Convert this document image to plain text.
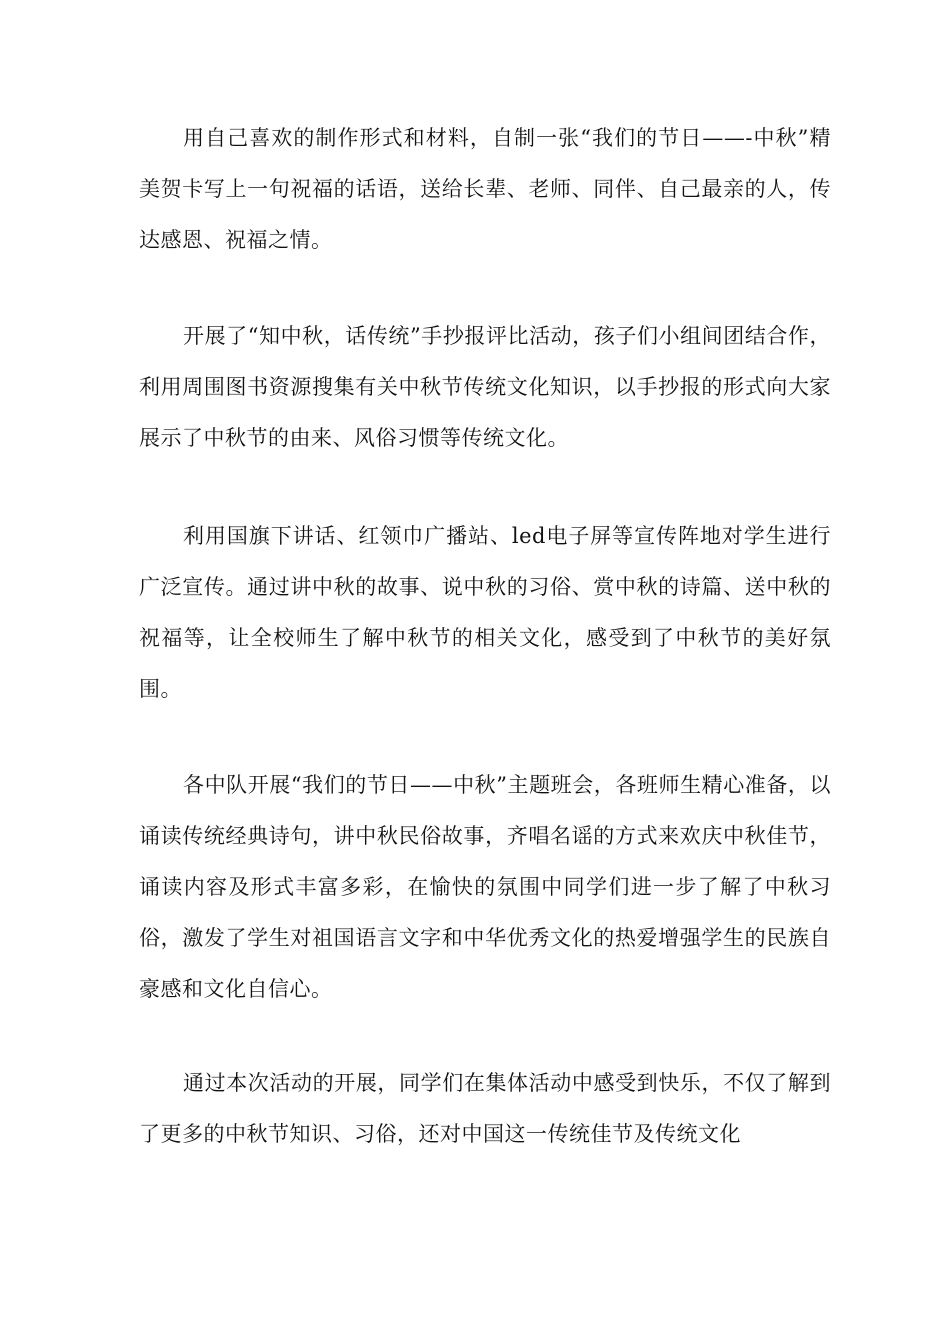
用自己喜欢的制作形式和材料，自制一张“我们的节日——-中秋”精美贺卡写上一句祝福的话语，送给长辈、老师、同伴、自己最亲的人，传达感恩、祝福之情。

开展了“知中秋，话传统”手抄报评比活动，孩子们小组间团结合作，利用周围图书资源搜集有关中秋节传统文化知识，以手抄报的形式向大家展示了中秋节的由来、风俗习惯等传统文化。

利用国旗下讲话、红领巾广播站、led电子屏等宣传阵地对学生进行广泛宣传。通过讲中秋的故事、说中秋的习俗、赏中秋的诗篇、送中秋的祝福等，让全校师生了解中秋节的相关文化，感受到了中秋节的美好氛围。

各中队开展“我们的节日——中秋”主题班会，各班师生精心准备，以诵读传统经典诗句，讲中秋民俗故事，齐唱名谣的方式来欢庆中秋佳节，诵读内容及形式丰富多彩，在愉快的氛围中同学们进一步了解了中秋习俗，激发了学生对祖国语言文字和中华优秀文化的热爱增强学生的民族自豪感和文化自信心。

通过本次活动的开展，同学们在集体活动中感受到快乐，不仅了解到了更多的中秋节知识、习俗，还对中国这一传统佳节及传统文化
